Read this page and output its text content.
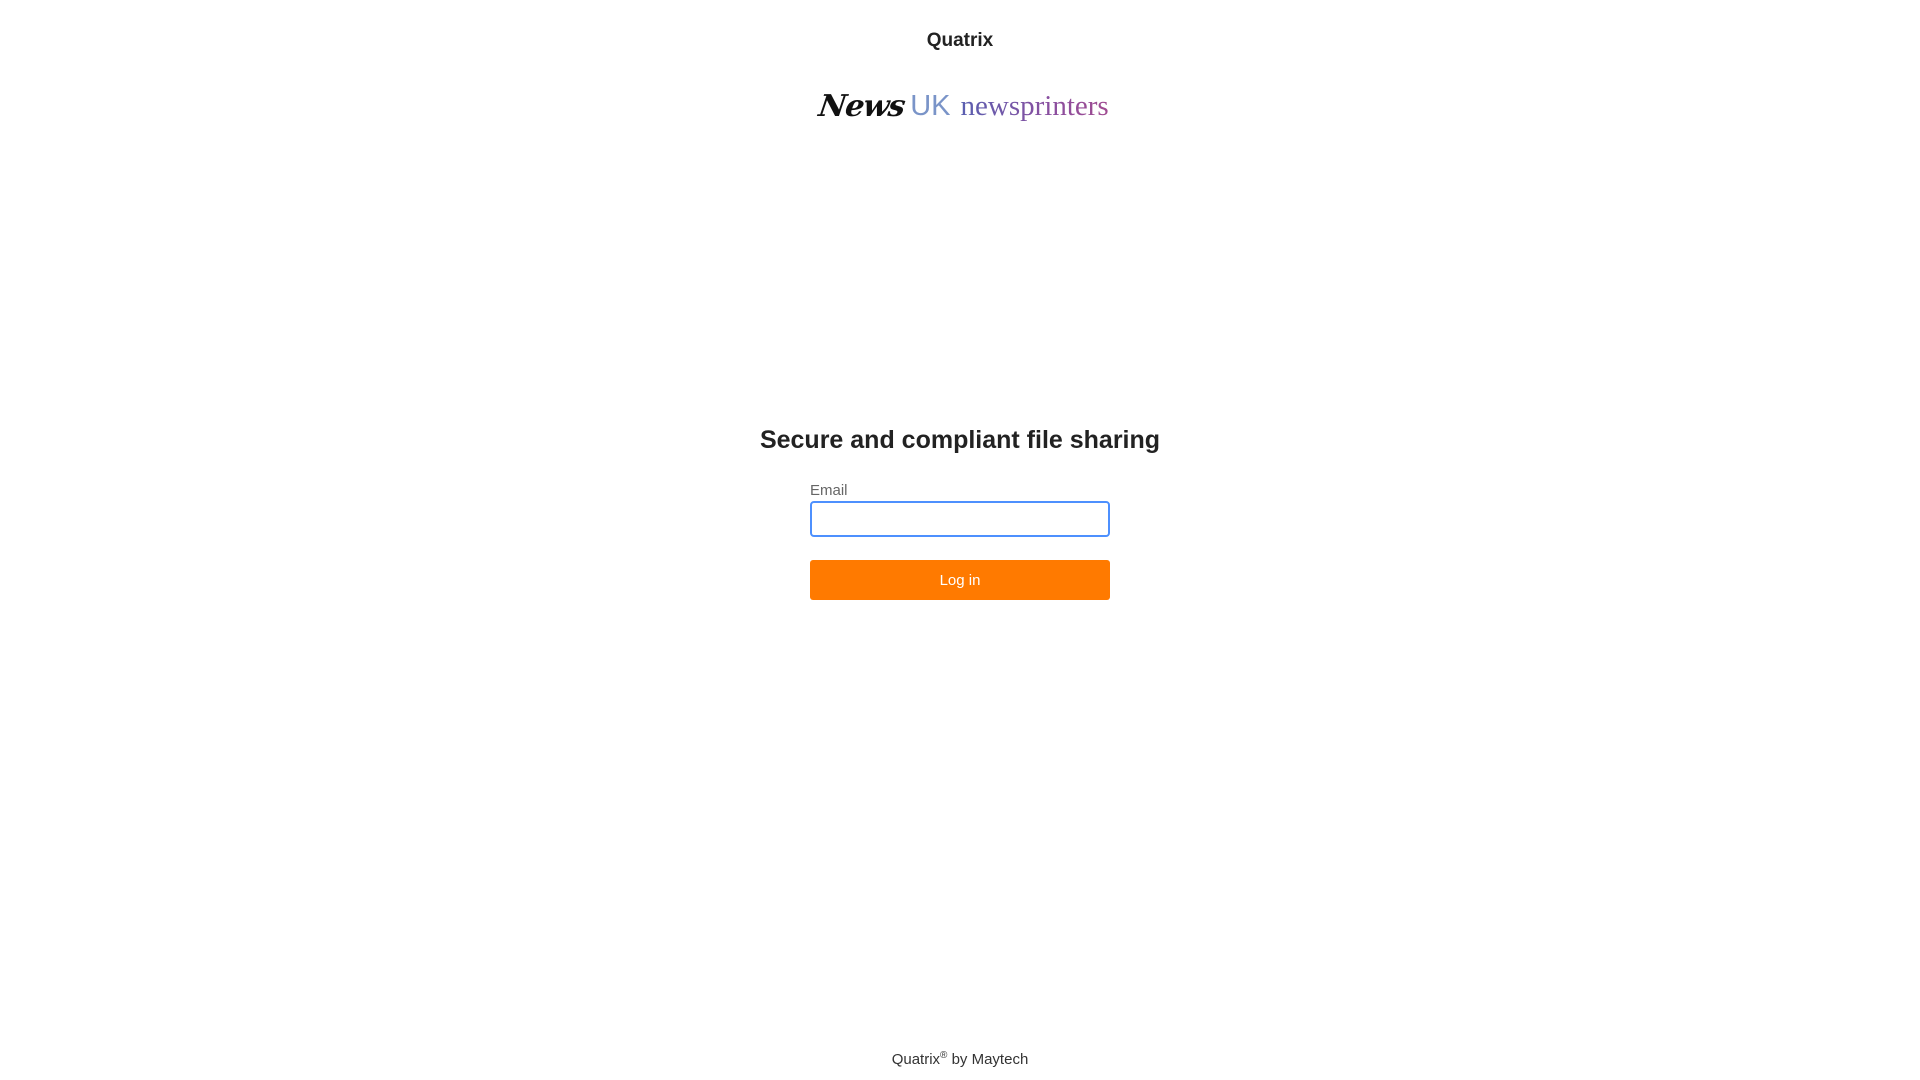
Quatrix
News UK newsprinters
Secure and compliant file sharing
Email
Log in
Quatrix® by Maytech
